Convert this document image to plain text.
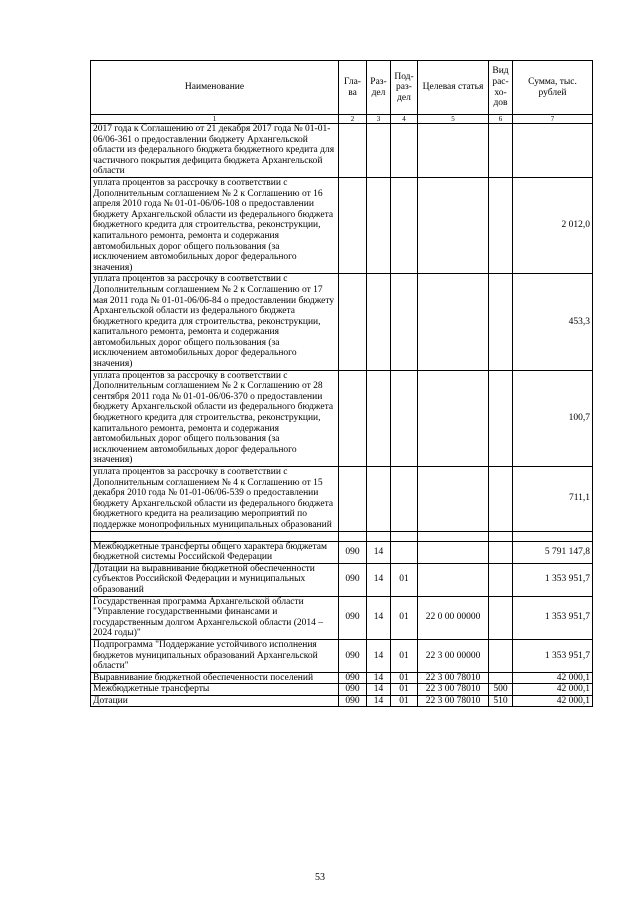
Наименование	Гла-ва	Раз-дел	Под-раз-дел	Целевая статья	Вид рас-хо-дов	Сумма, тыс. рублей
1	2	3	4	5	6	7
2017 года к Соглашению от 21 декабря 2017 года № 01-01-06/06-361 о предоставлении бюджету Архангельской области из федерального бюджета бюджетного кредита для частичного покрытия дефицита бюджета Архангельской области						
уплата процентов за рассрочку в соответствии с Дополнительным соглашением № 2 к Соглашению от 16 апреля 2010 года № 01-01-06/06-108 о предоставлении бюджету Архангельской области из федерального бюджета бюджетного кредита для строительства, реконструкции, капитального ремонта, ремонта и содержания автомобильных дорог общего пользования (за исключением автомобильных дорог федерального значения)						2 012,0
уплата процентов за рассрочку в соответствии с Дополнительным соглашением № 2 к Соглашению от 17 мая 2011 года № 01-01-06/06-84 о предоставлении бюджету Архангельской области из федерального бюджета бюджетного кредита для строительства, реконструкции, капитального ремонта, ремонта и содержания автомобильных дорог общего пользования (за исключением автомобильных дорог федерального значения)						453,3
уплата процентов за рассрочку в соответствии с Дополнительным соглашением № 2 к Соглашению от 28 сентября 2011 года № 01-01-06/06-370 о предоставлении бюджету Архангельской области из федерального бюджета бюджетного кредита для строительства, реконструкции, капитального ремонта, ремонта и содержания автомобильных дорог общего пользования (за исключением автомобильных дорог федерального значения)						100,7
уплата процентов за рассрочку в соответствии с Дополнительным соглашением № 4 к Соглашению от 15 декабря 2010 года № 01-01-06/06-539 о предоставлении бюджету Архангельской области из федерального бюджета бюджетного кредита на реализацию мероприятий по поддержке монопрофильных муниципальных образований						711,1

Межбюджетные трансферты общего характера бюджетам бюджетной системы Российской Федерации	090	14				5 791 147,8
Дотации на выравнивание бюджетной обеспеченности субъектов Российской Федерации и муниципальных образований	090	14	01			1 353 951,7
Государственная программа Архангельской области "Управление государственными финансами и государственным долгом Архангельской области (2014 – 2024 годы)"	090	14	01	22 0 00 00000		1 353 951,7
Подпрограмма "Поддержание устойчивого исполнения бюджетов муниципальных образований Архангельской области"	090	14	01	22 3 00 00000		1 353 951,7
Выравнивание бюджетной обеспеченности поселений	090	14	01	22 3 00 78010		42 000,1
Межбюджетные трансферты	090	14	01	22 3 00 78010	500	42 000,1
Дотации	090	14	01	22 3 00 78010	510	42 000,1
53
